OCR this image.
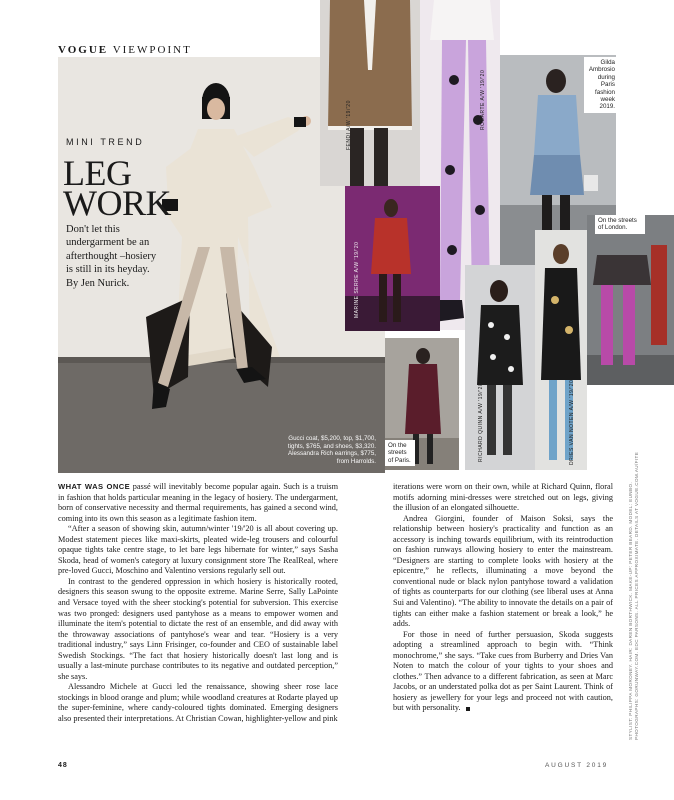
VOGUE VIEWPOINT
FENDI A/W '19/'20	RODARTE A/W '19/'20
Gilda Ambrosio during Paris fashion week 2019.
MARINE SERRE A/W '19/'20
On the streets of London.
On the streets of Paris.	RICHARD QUINN A/W '19/'20	DRIES VAN NOTEN A/W '19/'20
MINI TREND
LEG
WORK
Don't let this undergarment be an afterthought –hosiery is still in its heyday. By Jen Nurick.
Gucci coat, $5,200, top, $1,700, tights, $765, and shoes, $3,320. Alessandra Rich earrings, $775, from Harrolds.

WHAT WAS ONCE passé will inevitably become popular again. Such is a truism in fashion that holds particular meaning in the legacy of hosiery. The undergarment, born of conservative necessity and thermal requirements, has gained a second wind, coming into its own this season as a legitimate fashion item.

“After a season of showing skin, autumn/winter '19/'20 is all about covering up. Modest statement pieces like maxi-skirts, pleated wide-leg trousers and colourful opaque tights take centre stage, to let bare legs hibernate for winter,” says Sasha Skoda, head of women's category at luxury consignment store The RealReal, where pre-loved Gucci, Moschino and Valentino versions regularly sell out.

In contrast to the gendered oppression in which hosiery is historically rooted, designers this season swung to the opposite extreme. Marine Serre, Sally LaPointe and Versace toyed with the sheer stocking's potential for subversion. This exercise was two pronged: designers used pantyhose as a means to empower women and illuminate the item's potential to dictate the rest of an ensemble, and did away with the throwaway associations of pantyhose's wear and tear. “Hosiery is a very traditional industry,” says Linn Frisinger, co-founder and CEO of sustainable label Swedish Stockings. “The fact that hosiery historically doesn't last long and is usually a last-minute purchase contributes to its negative and outdated perception,” she says.

Alessandro Michele at Gucci led the renaissance, showing sheer rose lace stockings in blood orange and plum; while woodland creatures at Rodarte played up the super-feminine, where candy-coloured tights dominated. Emerging designers also presented their interpretations. At Christian Cowan, highlighter-yellow and pink

iterations were worn on their own, while at Richard Quinn, floral motifs adorning mini-dresses were stretched out on legs, giving the illusion of an elongated silhouette.

Andrea Giorgini, founder of Maison Soksi, says the relationship between hosiery's practicality and function as an accessory is inching towards equilibrium, with its reintroduction on fashion runways allowing hosiery to enter the mainstream. “Designers are starting to complete looks with hosiery at the epicentre,” he reflects, illuminating a move beyond the conventional nude or black nylon pantyhose toward a validation of tights as counterparts for our clothing (see liberal uses at Anna Sui and Valentino). “The ability to innovate the details on a pair of tights can either make a fashion statement or break a look,” he adds.

For those in need of further persuasion, Skoda suggests adopting a streamlined approach to begin with. “Think monochrome,” she says. “Take cues from Burberry and Dries Van Noten to match the colour of your tights to your shoes and clothes.” Then advance to a different fabrication, as seen at Marc Jacobs, or an understated polka dot as per Saint Laurent. Think of hosiery as jewellery for your legs and proceed not with caution, but with personality.	STYLIST: PHILIPPA MORONEY. HAIR: DAREN BORTHWICK. MAKE-UP: PETER BEARD. MODEL: EUNBO. PHOTOGRAPHS: GORUNWAY.COM. EDC PARSONS. ALL PRICES APPROXIMATE. DETAILS AT VOGUE.COM.AU/FITE
48	AUGUST 2019
